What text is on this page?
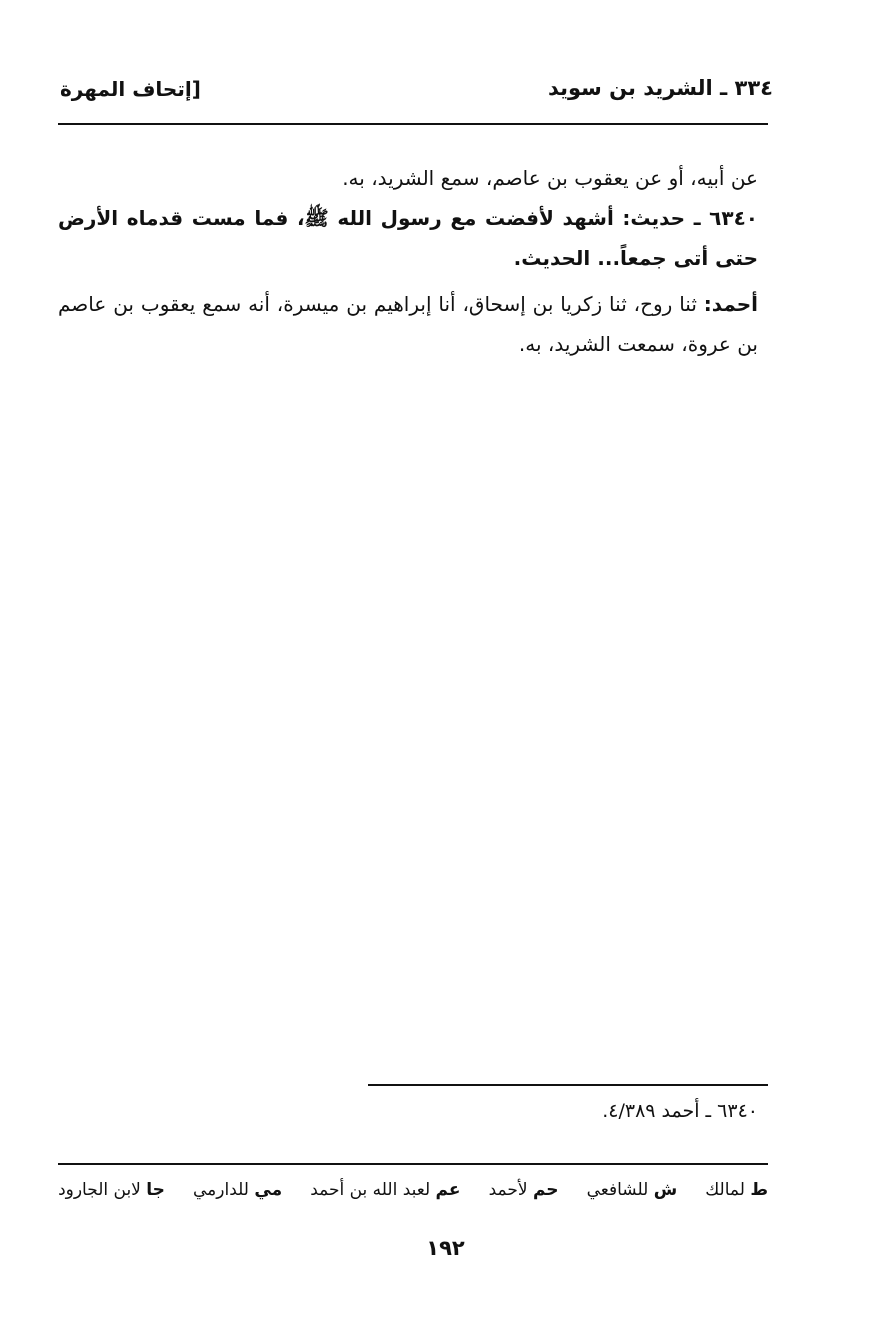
٣٣٤ ـ الشريد بن سويد
[إتحاف المهرة

عن أبيه، أو عن يعقوب بن عاصم، سمع الشريد، به.

٦٣٤٠ ـ حديث: أشهد لأفضت مع رسول الله ﷺ، فما مست قدماه الأرض حتى أتى جمعاً... الحديث.

أحمد: ثنا روح، ثنا زكريا بن إسحاق، أنا إبراهيم بن ميسرة، أنه سمع يعقوب بن عاصم بن عروة، سمعت الشريد، به.

٦٣٤٠ ـ أحمد ٤/٣٨٩.
ط لمالك
ش للشافعي
حم لأحمد
عم لعبد الله بن أحمد
مي للدارمي
جا لابن الجارود
١٩٢
